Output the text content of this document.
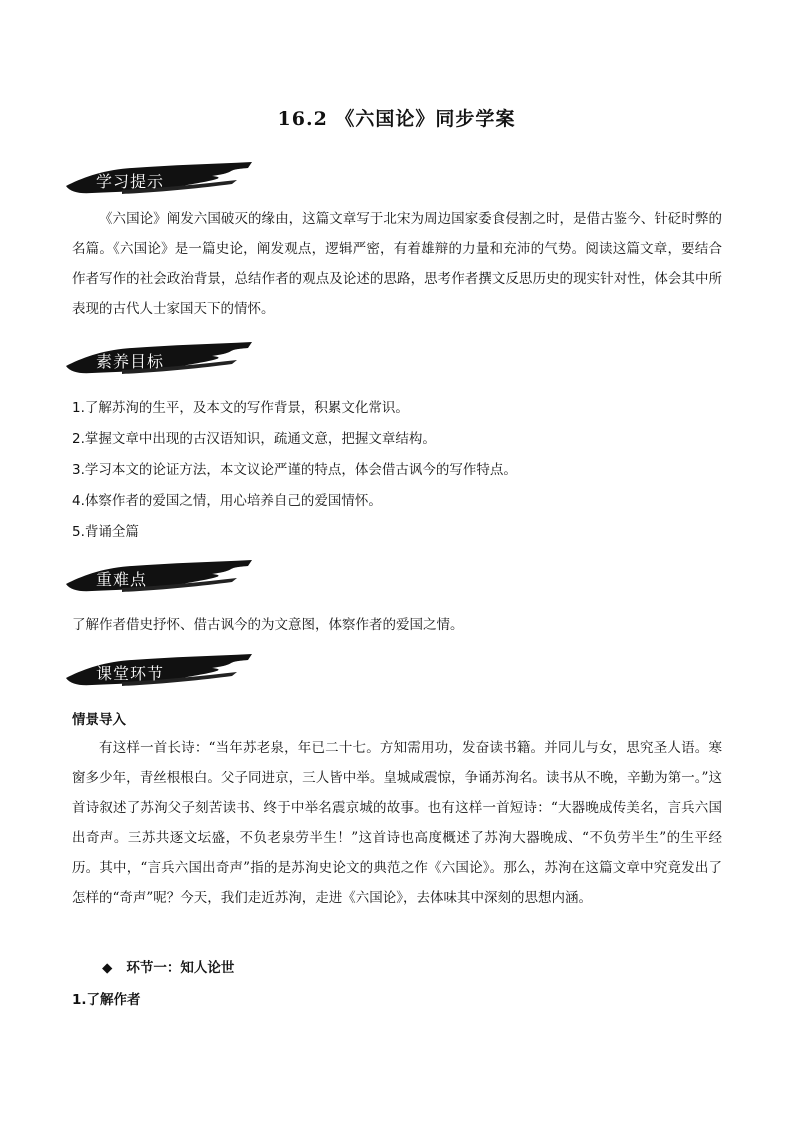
16.2 《六国论》同步学案
学习提示
《六国论》阐发六国破灭的缘由，这篇文章写于北宋为周边国家委食侵割之时，是借古鉴今、针砭时弊的名篇。《六国论》是一篇史论，阐发观点，逻辑严密，有着雄辩的力量和充沛的气势。阅读这篇文章，要结合作者写作的社会政治背景，总结作者的观点及论述的思路，思考作者撰文反思历史的现实针对性，体会其中所表现的古代人士家国天下的情怀。
素养目标
1.了解苏洵的生平，及本文的写作背景，积累文化常识。
2.掌握文章中出现的古汉语知识，疏通文意，把握文章结构。
3.学习本文的论证方法，本文议论严谨的特点，体会借古讽今的写作特点。
4.体察作者的爱国之情，用心培养自己的爱国情怀。
5.背诵全篇
重难点
了解作者借史抒怀、借古讽今的为文意图，体察作者的爱国之情。
课堂环节
情景导入
有这样一首长诗：“当年苏老泉，年已二十七。方知需用功，发奋读书籍。并同儿与女，思究圣人语。寒窗多少年，青丝根根白。父子同进京，三人皆中举。皇城咸震惊，争诵苏洵名。读书从不晚，辛勤为第一。”这首诗叙述了苏洵父子刻苦读书、终于中举名震京城的故事。也有这样一首短诗：“大器晚成传美名，言兵六国出奇声。三苏共逐文坛盛，不负老泉劳半生！”这首诗也高度概述了苏洵大器晚成、“不负劳半生”的生平经历。其中，“言兵六国出奇声”指的是苏洵史论文的典范之作《六国论》。那么，苏洵在这篇文章中究竟发出了怎样的“奇声”呢？今天，我们走近苏洵，走进《六国论》，去体味其中深刻的思想内涵。
◆ 环节一：知人论世
1.了解作者
